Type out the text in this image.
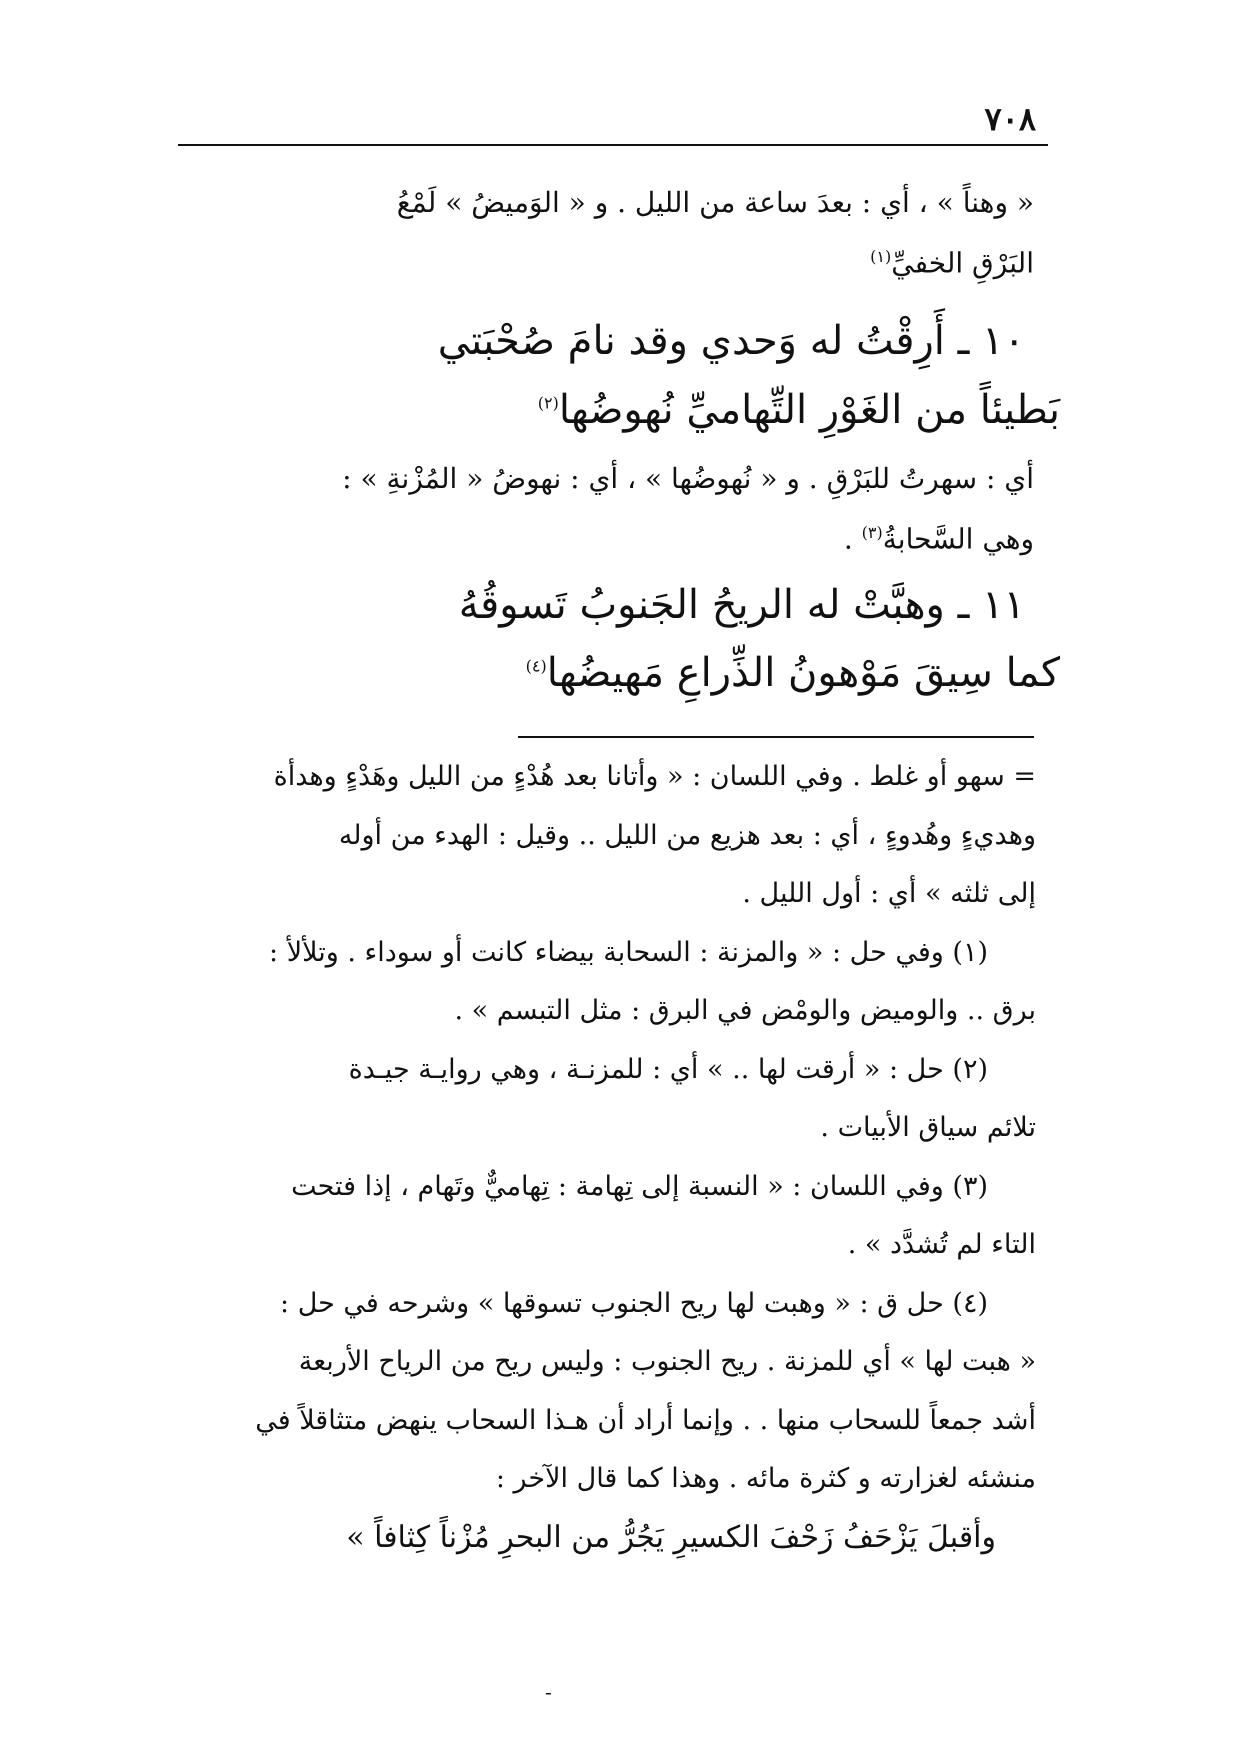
٧٠٨
« وهناً » ، أي : بعدَ ساعة من الليل . و « الوَميضُ » لَمْعُ
البَرْقِ الخفيِّ$^{(١)}$
١٠ ـ أَرِقْتُ له وَحدي وقد نامَ صُحْبَتي
بَطيئاً من الغَوْرِ التِّهاميِّ نُهوضُها$^{(٢)}$
أي : سهرتُ للبَرْقِ . و « نُهوضُها » ، أي : نهوضُ « المُزْنةِ » :
وهي السَّحابةُ$^{(٣)}$ .
١١ ـ وهبَّتْ له الريحُ الجَنوبُ تَسوقُهُ
كما سِيقَ مَوْهونُ الذِّراعِ مَهيضُها$^{(٤)}$
= سهو أو غلط . وفي اللسان : « وأتانا بعد هُدْءٍ من الليل وهَدْءٍ وهدأة
وهديءٍ وهُدوءٍ ، أي : بعد هزيع من الليل .. وقيل : الهدء من أوله
إلى ثلثه » أي : أول الليل .
(١) وفي حل : « والمزنة : السحابة بيضاء كانت أو سوداء . وتلألأ :
برق .. والوميض والومْض في البرق : مثل التبسم » .
(٢) حل : « أرقت لها .. » أي : للمزنـة ، وهي روايـة جيـدة
تلائم سياق الأبيات .
(٣) وفي اللسان : « النسبة إلى تِهامة : تِهاميٌّ وتَهام ، إذا فتحت
التاء لم تُشدَّد » .
(٤) حل ق : « وهبت لها ريح الجنوب تسوقها » وشرحه في حل :
« هبت لها » أي للمزنة . ريح الجنوب : وليس ريح من الرياح الأربعة
أشد جمعاً للسحاب منها . . وإنما أراد أن هـذا السحاب ينهض متثاقلاً في
منشئه لغزارته و كثرة مائه . وهذا كما قال الآخر :
وأقبلَ يَزْحَفُ زَحْفَ الكسيرِ يَجُرُّ من البحرِ مُزْناً كِثافاً »
-
